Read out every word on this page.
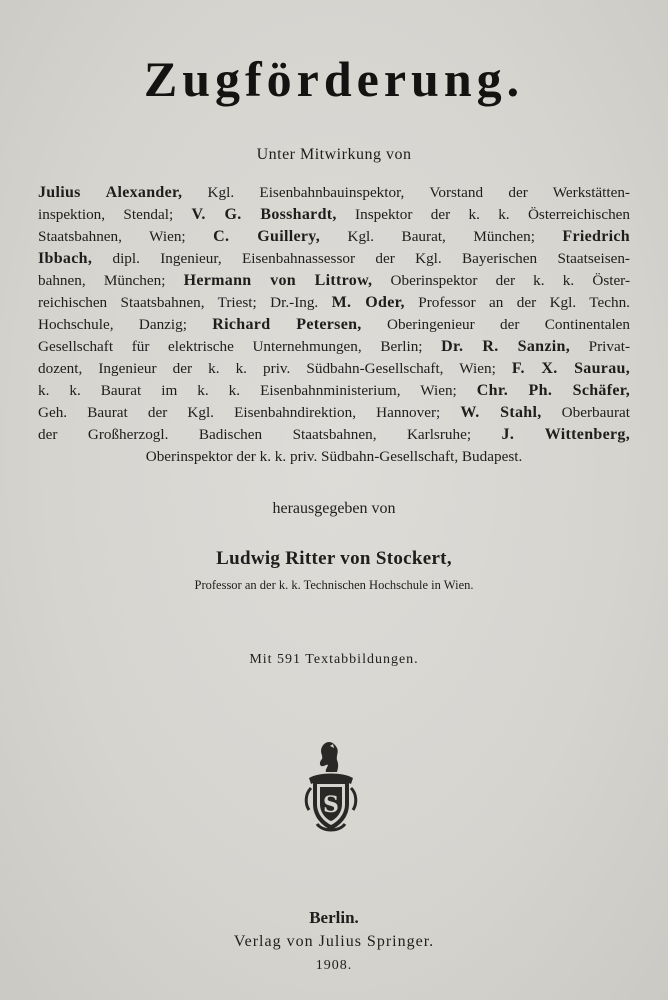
Zugförderung.
Unter Mitwirkung von
Julius Alexander, Kgl. Eisenbahnbauinspektor, Vorstand der Werkstätten-
inspektion, Stendal; V. G. Bosshardt, Inspektor der k. k. Österreichischen
Staatsbahnen, Wien; C. Guillery, Kgl. Baurat, München; Friedrich
Ibbach, dipl. Ingenieur, Eisenbahnassessor der Kgl. Bayerischen Staatseisen-
bahnen, München; Hermann von Littrow, Oberinspektor der k. k. Öster-
reichischen Staatsbahnen, Triest; Dr.-Ing. M. Oder, Professor an der Kgl. Techn.
Hochschule, Danzig; Richard Petersen, Oberingenieur der Continentalen
Gesellschaft für elektrische Unternehmungen, Berlin; Dr. R. Sanzin, Privat-
dozent, Ingenieur der k. k. priv. Südbahn-Gesellschaft, Wien; F. X. Saurau,
k. k. Baurat im k. k. Eisenbahnministerium, Wien; Chr. Ph. Schäfer,
Geh. Baurat der Kgl. Eisenbahndirektion, Hannover; W. Stahl, Oberbaurat
der Großherzogl. Badischen Staatsbahnen, Karlsruhe; J. Wittenberg,
Oberinspektor der k. k. priv. Südbahn-Gesellschaft, Budapest.
herausgegeben von
Ludwig Ritter von Stockert,
Professor an der k. k. Technischen Hochschule in Wien.
Mit 591 Textabbildungen.
S
Berlin.
Verlag von Julius Springer.
1908.
